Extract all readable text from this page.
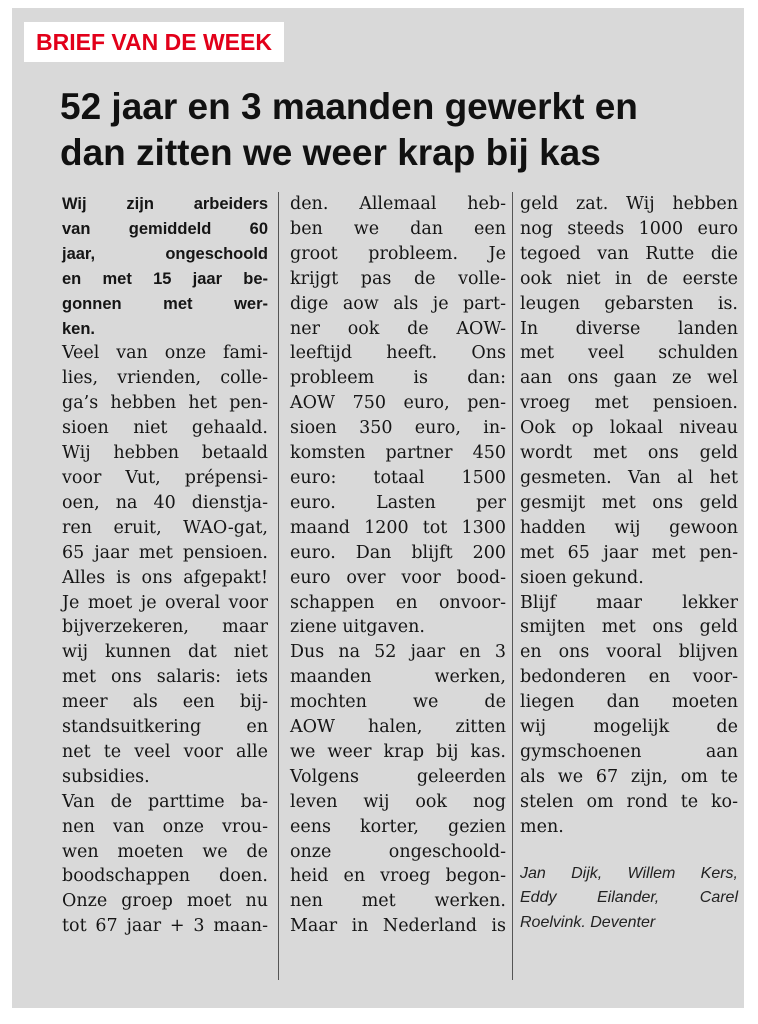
BRIEF VAN DE WEEK
52 jaar en 3 maanden gewerkt en
dan zitten we weer krap bij kas
Wij zijn arbeiders
van gemiddeld 60
jaar, ongeschoold
en met 15 jaar be-
gonnen met wer-
ken.
Veel van onze fami-
lies, vrienden, colle-
ga’s hebben het pen-
sioen niet gehaald.
Wij hebben betaald
voor Vut, prépensi-
oen, na 40 dienstja-
ren eruit, WAO-gat,
65 jaar met pensioen.
Alles is ons afgepakt!
Je moet je overal voor
bijverzekeren, maar
wij kunnen dat niet
met ons salaris: iets
meer als een bij-
standsuitkering en
net te veel voor alle
subsidies.
Van de parttime ba-
nen van onze vrou-
wen moeten we de
boodschappen doen.
Onze groep moet nu
tot 67 jaar + 3 maan-
den. Allemaal heb-
ben we dan een
groot probleem. Je
krijgt pas de volle-
dige aow als je part-
ner ook de AOW-
leeftijd heeft. Ons
probleem is dan:
AOW 750 euro, pen-
sioen 350 euro, in-
komsten partner 450
euro: totaal 1500
euro. Lasten per
maand 1200 tot 1300
euro. Dan blijft 200
euro over voor bood-
schappen en onvoor-
ziene uitgaven.
Dus na 52 jaar en 3
maanden werken,
mochten we de
AOW halen, zitten
we weer krap bij kas.
Volgens geleerden
leven wij ook nog
eens korter, gezien
onze ongeschoold-
heid en vroeg begon-
nen met werken.
Maar in Nederland is
geld zat. Wij hebben
nog steeds 1000 euro
tegoed van Rutte die
ook niet in de eerste
leugen gebarsten is.
In diverse landen
met veel schulden
aan ons gaan ze wel
vroeg met pensioen.
Ook op lokaal niveau
wordt met ons geld
gesmeten. Van al het
gesmijt met ons geld
hadden wij gewoon
met 65 jaar met pen-
sioen gekund.
Blijf maar lekker
smijten met ons geld
en ons vooral blijven
bedonderen en voor-
liegen dan moeten
wij mogelijk de
gymschoenen aan
als we 67 zijn, om te
stelen om rond te ko-
men.
Jan Dijk, Willem Kers,
Eddy Eilander, Carel
Roelvink. Deventer
